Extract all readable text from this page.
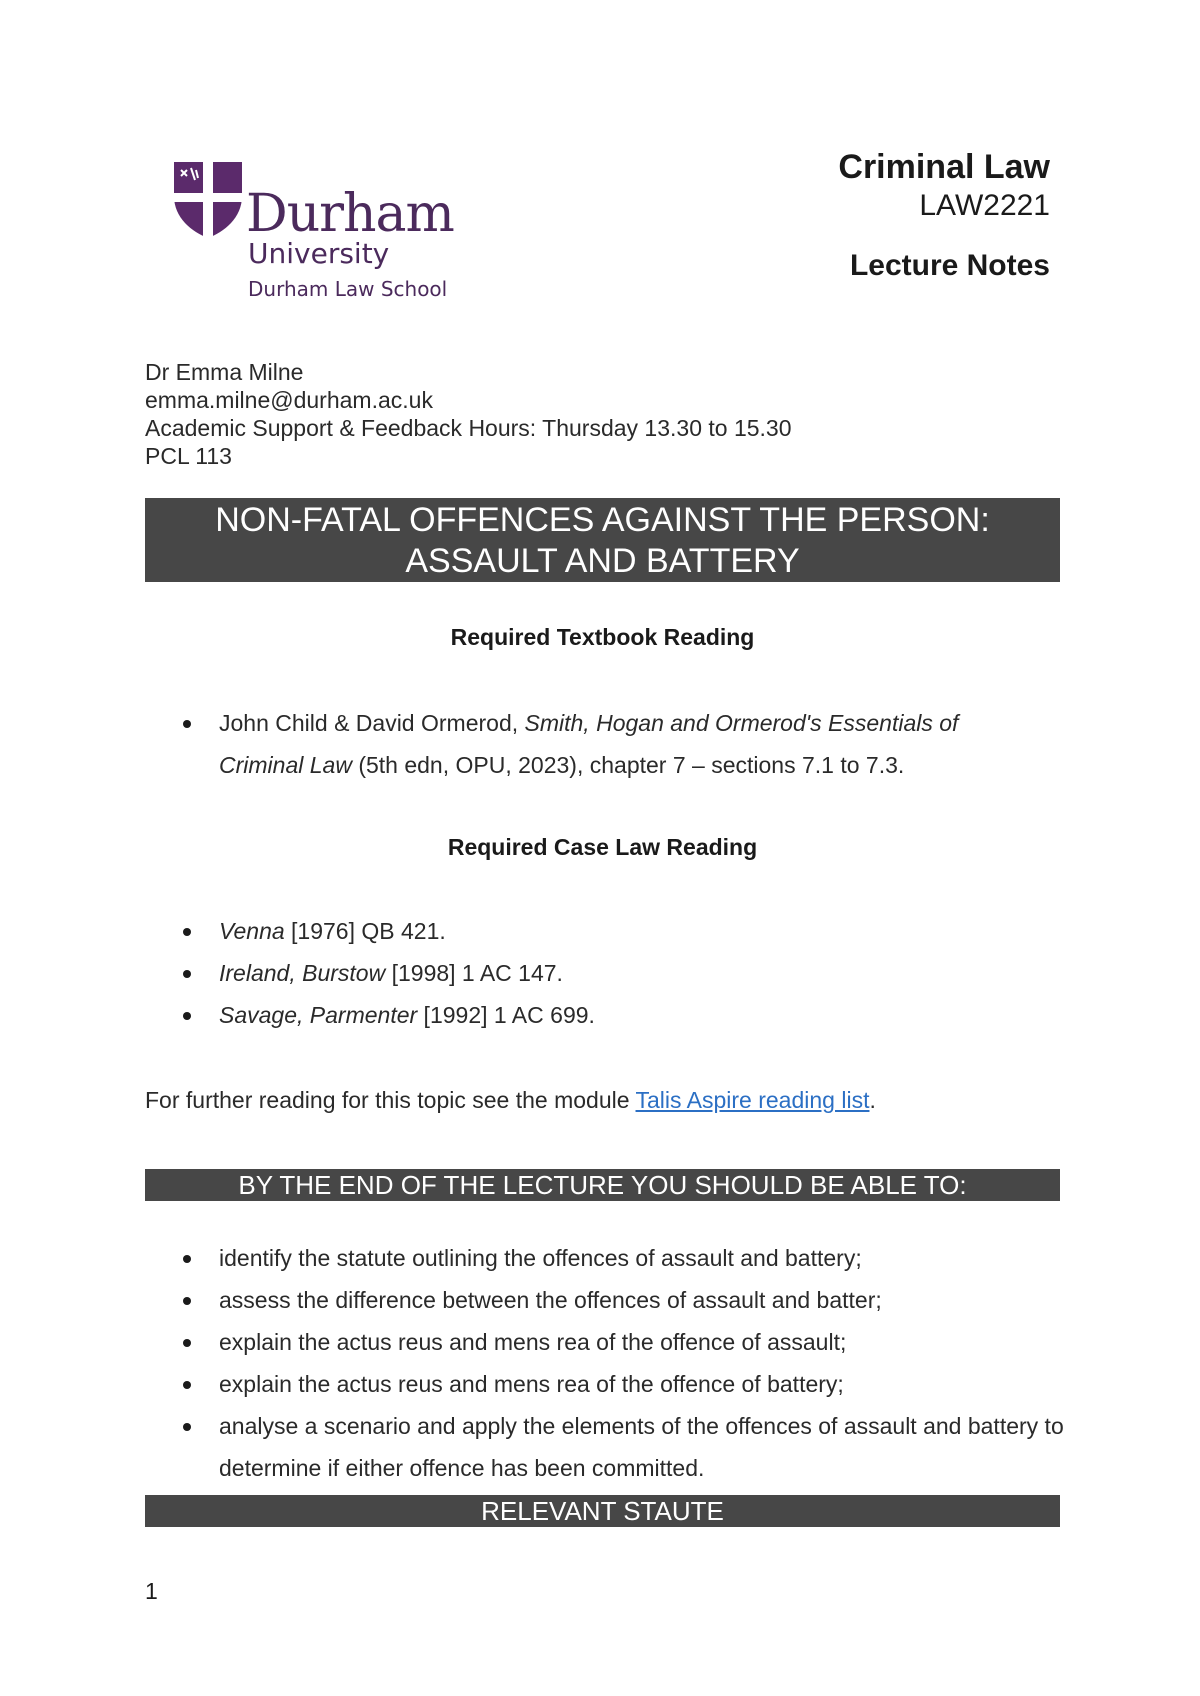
Durham
University
Durham Law School
Criminal Law
LAW2221
Lecture Notes
Dr Emma Milne
emma.milne@durham.ac.uk
Academic Support & Feedback Hours: Thursday 13.30 to 15.30
PCL 113
NON-FATAL OFFENCES AGAINST THE PERSON:
ASSAULT AND BATTERY
Required Textbook Reading
John Child & David Ormerod, Smith, Hogan and Ormerod's Essentials of
Criminal Law (5th edn, OPU, 2023), chapter 7 – sections 7.1 to 7.3.
Required Case Law Reading
Venna [1976] QB 421.
Ireland, Burstow [1998] 1 AC 147.
Savage, Parmenter [1992] 1 AC 699.
For further reading for this topic see the module Talis Aspire reading list.
BY THE END OF THE LECTURE YOU SHOULD BE ABLE TO:
identify the statute outlining the offences of assault and battery;
assess the difference between the offences of assault and batter;
explain the actus reus and mens rea of the offence of assault;
explain the actus reus and mens rea of the offence of battery;
analyse a scenario and apply the elements of the offences of assault and battery to determine if either offence has been committed.
RELEVANT STAUTE
1
